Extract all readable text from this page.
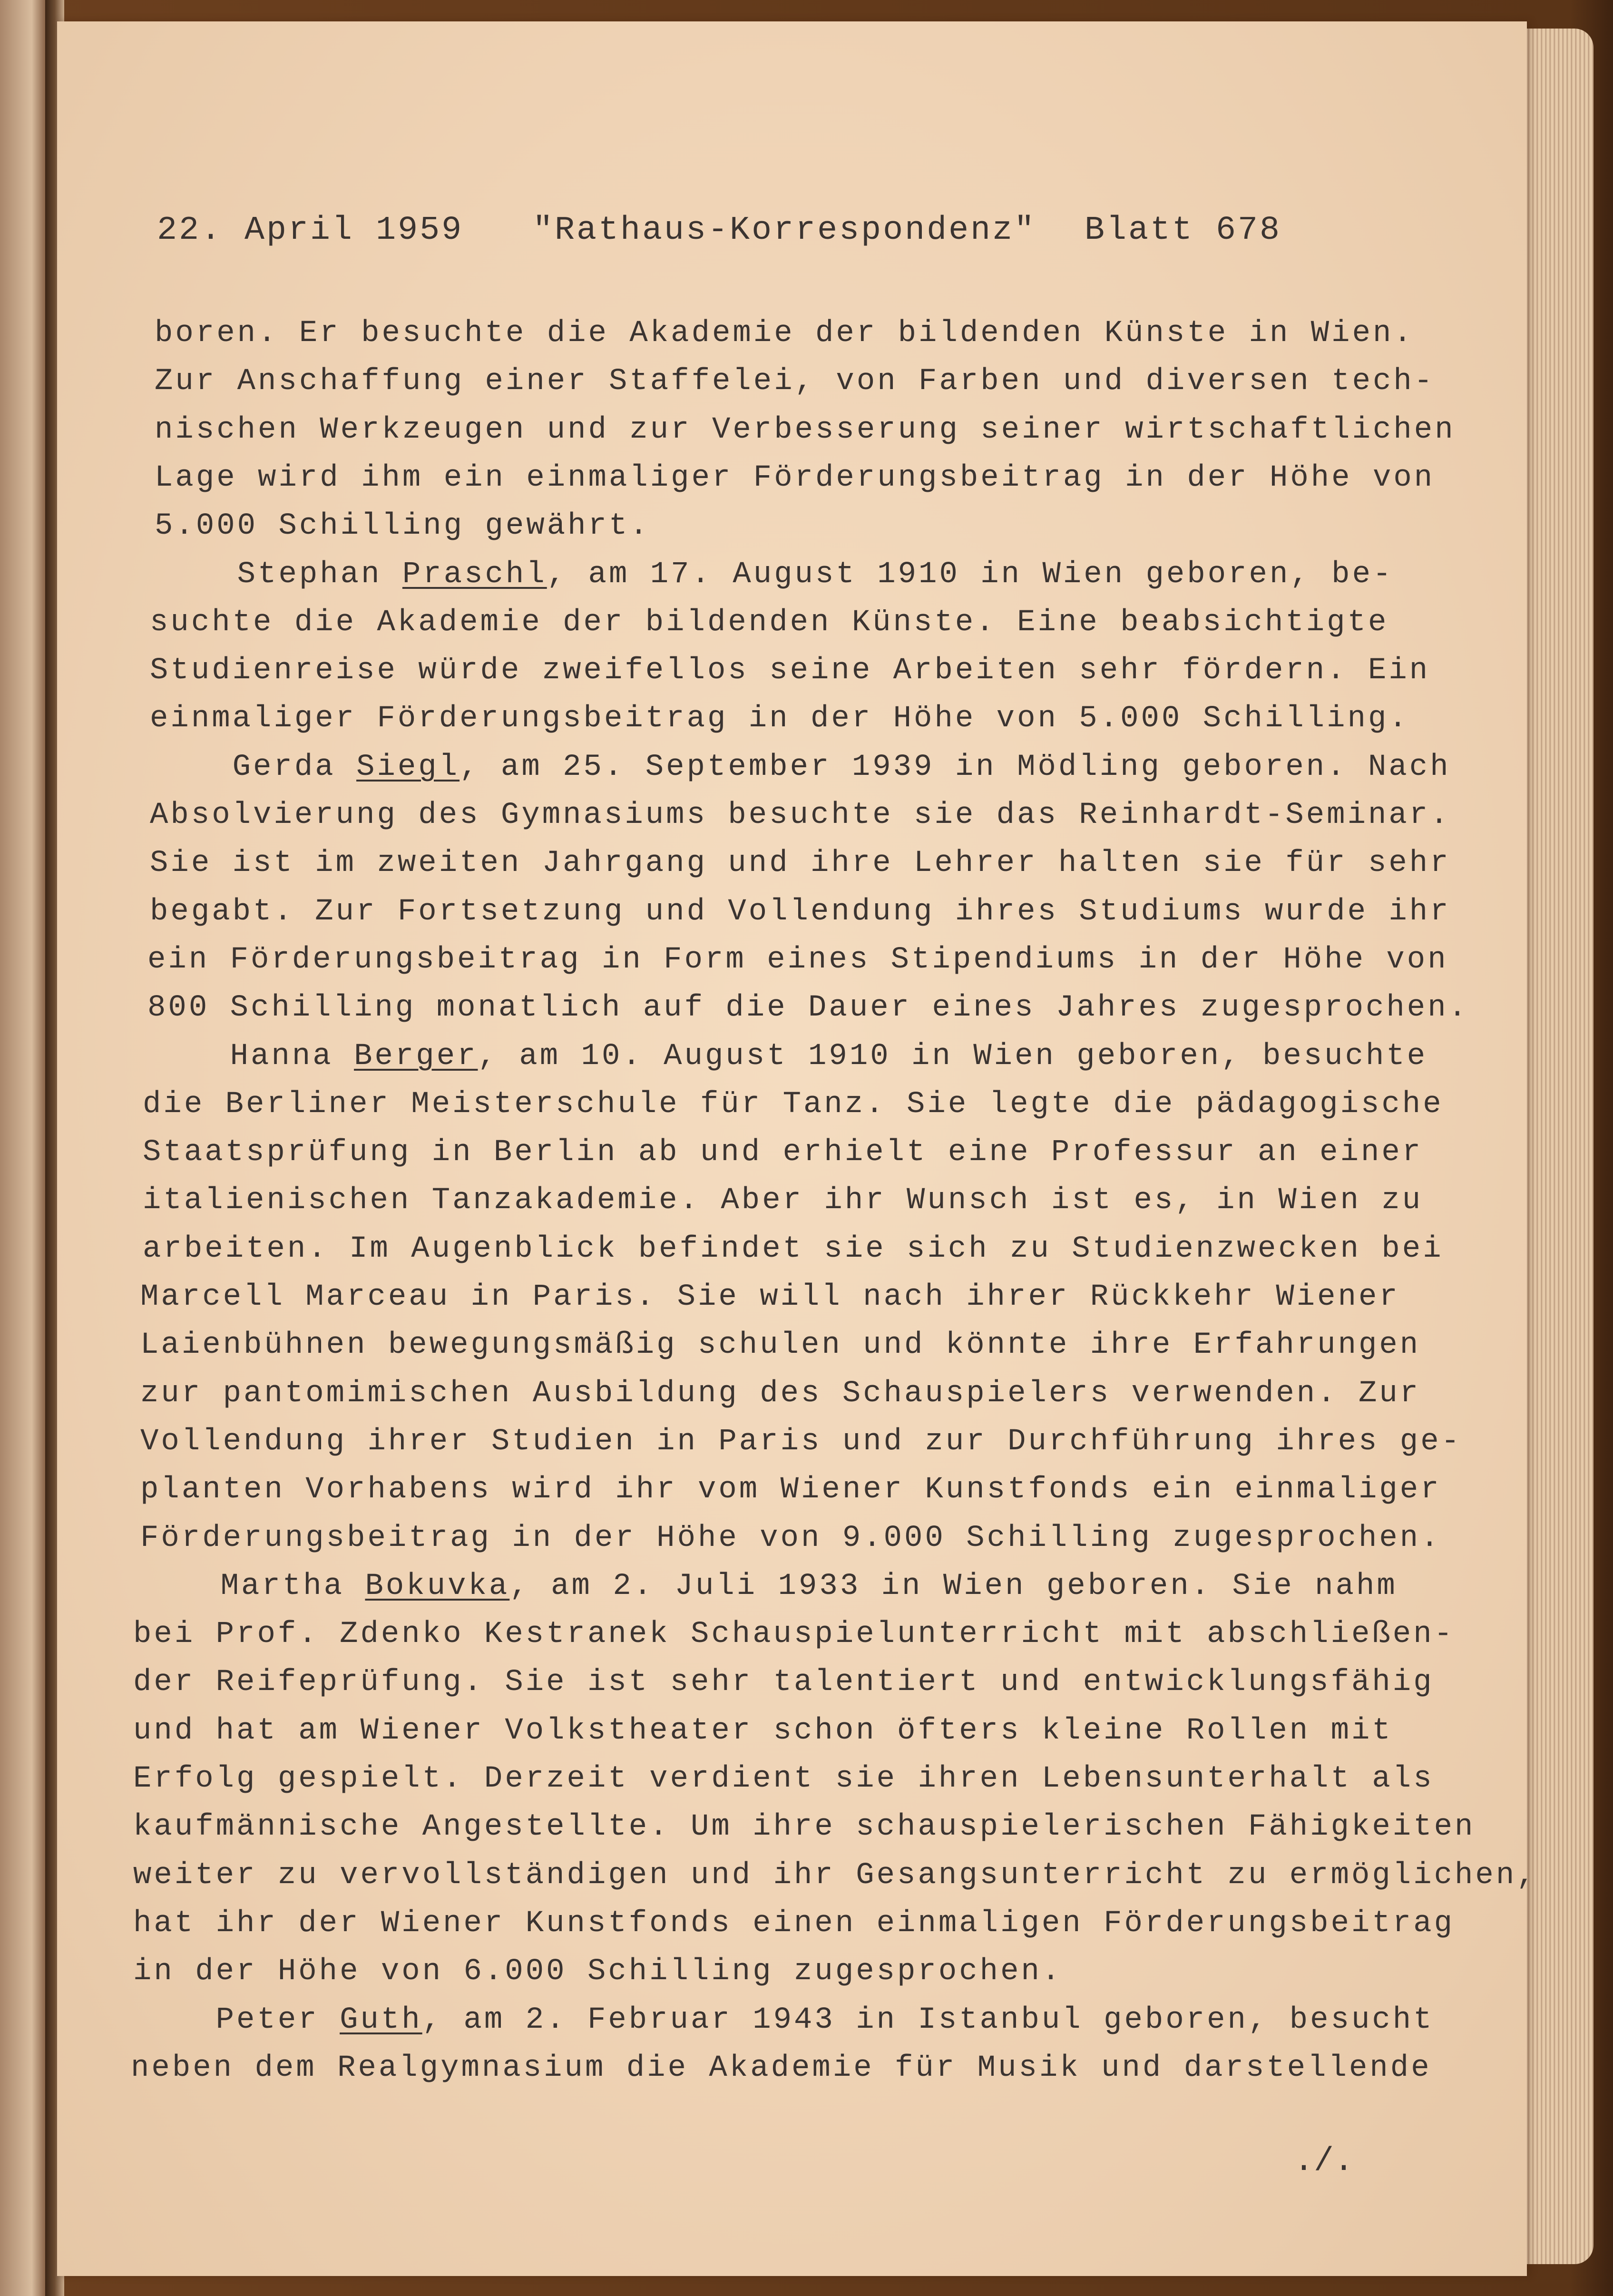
22. April 1959 "Rathaus-Korrespondenz" Blatt 678
boren. Er besuchte die Akademie der bildenden Künste in Wien.
Zur Anschaffung einer Staffelei, von Farben und diversen tech-
nischen Werkzeugen und zur Verbesserung seiner wirtschaftlichen
Lage wird ihm ein einmaliger Förderungsbeitrag in der Höhe von
5.000 Schilling gewährt.
Stephan Praschl, am 17. August 1910 in Wien geboren, be-
suchte die Akademie der bildenden Künste. Eine beabsichtigte
Studienreise würde zweifellos seine Arbeiten sehr fördern. Ein
einmaliger Förderungsbeitrag in der Höhe von 5.000 Schilling.
Gerda Siegl, am 25. September 1939 in Mödling geboren. Nach
Absolvierung des Gymnasiums besuchte sie das Reinhardt-Seminar.
Sie ist im zweiten Jahrgang und ihre Lehrer halten sie für sehr
begabt. Zur Fortsetzung und Vollendung ihres Studiums wurde ihr
ein Förderungsbeitrag in Form eines Stipendiums in der Höhe von
800 Schilling monatlich auf die Dauer eines Jahres zugesprochen.
Hanna Berger, am 10. August 1910 in Wien geboren, besuchte
die Berliner Meisterschule für Tanz. Sie legte die pädagogische
Staatsprüfung in Berlin ab und erhielt eine Professur an einer
italienischen Tanzakademie. Aber ihr Wunsch ist es, in Wien zu
arbeiten. Im Augenblick befindet sie sich zu Studienzwecken bei
Marcell Marceau in Paris. Sie will nach ihrer Rückkehr Wiener
Laienbühnen bewegungsmäßig schulen und könnte ihre Erfahrungen
zur pantomimischen Ausbildung des Schauspielers verwenden. Zur
Vollendung ihrer Studien in Paris und zur Durchführung ihres ge-
planten Vorhabens wird ihr vom Wiener Kunstfonds ein einmaliger
Förderungsbeitrag in der Höhe von 9.000 Schilling zugesprochen.
Martha Bokuvka, am 2. Juli 1933 in Wien geboren. Sie nahm
bei Prof. Zdenko Kestranek Schauspielunterricht mit abschließen-
der Reifeprüfung. Sie ist sehr talentiert und entwicklungsfähig
und hat am Wiener Volkstheater schon öfters kleine Rollen mit
Erfolg gespielt. Derzeit verdient sie ihren Lebensunterhalt als
kaufmännische Angestellte. Um ihre schauspielerischen Fähigkeiten
weiter zu vervollständigen und ihr Gesangsunterricht zu ermöglichen,
hat ihr der Wiener Kunstfonds einen einmaligen Förderungsbeitrag
in der Höhe von 6.000 Schilling zugesprochen.
Peter Guth, am 2. Februar 1943 in Istanbul geboren, besucht
neben dem Realgymnasium die Akademie für Musik und darstellende
./.
